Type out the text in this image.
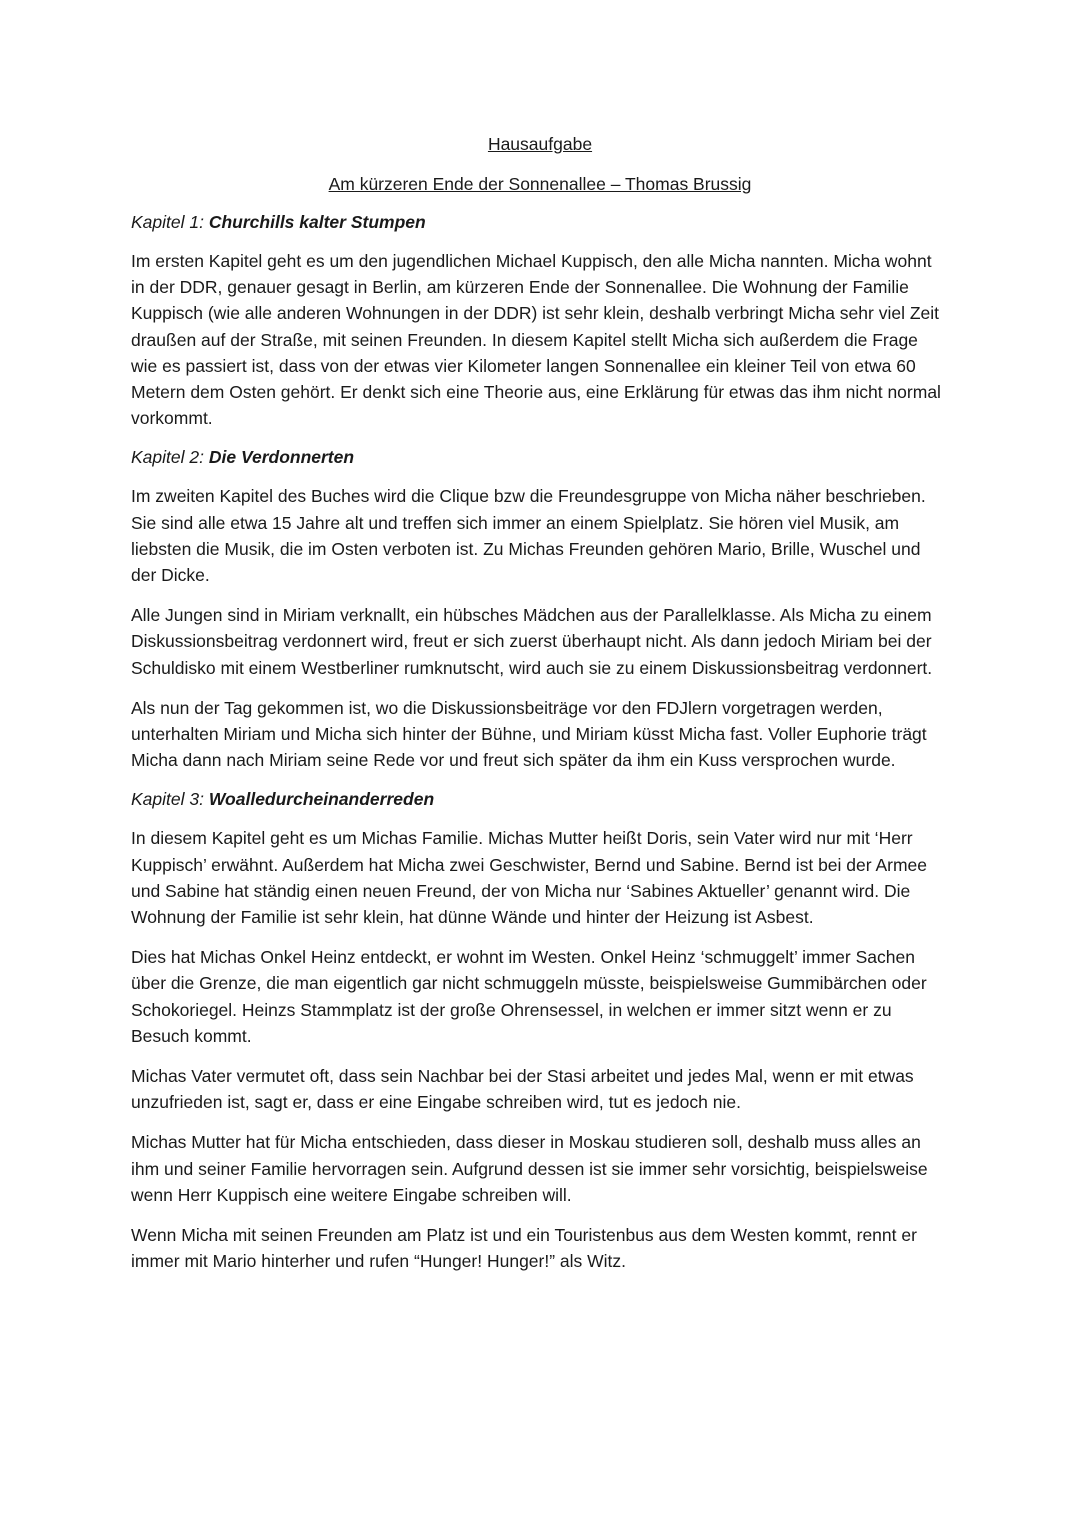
Hausaufgabe
Am kürzeren Ende der Sonnenallee – Thomas Brussig
Kapitel 1: Churchills kalter Stumpen

Im ersten Kapitel geht es um den jugendlichen Michael Kuppisch, den alle Micha nannten. Micha wohnt in der DDR, genauer gesagt in Berlin, am kürzeren Ende der Sonnenallee. Die Wohnung der Familie Kuppisch (wie alle anderen Wohnungen in der DDR) ist sehr klein, deshalb verbringt Micha sehr viel Zeit draußen auf der Straße, mit seinen Freunden. In diesem Kapitel stellt Micha sich außerdem die Frage wie es passiert ist, dass von der etwas vier Kilometer langen Sonnenallee ein kleiner Teil von etwa 60 Metern dem Osten gehört. Er denkt sich eine Theorie aus, eine Erklärung für etwas das ihm nicht normal vorkommt.

Kapitel 2: Die Verdonnerten

Im zweiten Kapitel des Buches wird die Clique bzw die Freundesgruppe von Micha näher beschrieben. Sie sind alle etwa 15 Jahre alt und treffen sich immer an einem Spielplatz. Sie hören viel Musik, am liebsten die Musik, die im Osten verboten ist. Zu Michas Freunden gehören Mario, Brille, Wuschel und der Dicke.

Alle Jungen sind in Miriam verknallt, ein hübsches Mädchen aus der Parallelklasse. Als Micha zu einem Diskussionsbeitrag verdonnert wird, freut er sich zuerst überhaupt nicht. Als dann jedoch Miriam bei der Schuldisko mit einem Westberliner rumknutscht, wird auch sie zu einem Diskussionsbeitrag verdonnert.

Als nun der Tag gekommen ist, wo die Diskussionsbeiträge vor den FDJlern vorgetragen werden, unterhalten Miriam und Micha sich hinter der Bühne, und Miriam küsst Micha fast. Voller Euphorie trägt Micha dann nach Miriam seine Rede vor und freut sich später da ihm ein Kuss versprochen wurde.

Kapitel 3: Woalledurcheinanderreden

In diesem Kapitel geht es um Michas Familie. Michas Mutter heißt Doris, sein Vater wird nur mit ‘Herr Kuppisch’ erwähnt. Außerdem hat Micha zwei Geschwister, Bernd und Sabine. Bernd ist bei der Armee und Sabine hat ständig einen neuen Freund, der von Micha nur ‘Sabines Aktueller’ genannt wird. Die Wohnung der Familie ist sehr klein, hat dünne Wände und hinter der Heizung ist Asbest.

Dies hat Michas Onkel Heinz entdeckt, er wohnt im Westen. Onkel Heinz ‘schmuggelt’ immer Sachen über die Grenze, die man eigentlich gar nicht schmuggeln müsste, beispielsweise Gummibärchen oder Schokoriegel. Heinzs Stammplatz ist der große Ohrensessel, in welchen er immer sitzt wenn er zu Besuch kommt.

Michas Vater vermutet oft, dass sein Nachbar bei der Stasi arbeitet und jedes Mal, wenn er mit etwas unzufrieden ist, sagt er, dass er eine Eingabe schreiben wird, tut es jedoch nie.

Michas Mutter hat für Micha entschieden, dass dieser in Moskau studieren soll, deshalb muss alles an ihm und seiner Familie hervorragen sein. Aufgrund dessen ist sie immer sehr vorsichtig, beispielsweise wenn Herr Kuppisch eine weitere Eingabe schreiben will.

Wenn Micha mit seinen Freunden am Platz ist und ein Touristenbus aus dem Westen kommt, rennt er immer mit Mario hinterher und rufen “Hunger! Hunger!” als Witz.
